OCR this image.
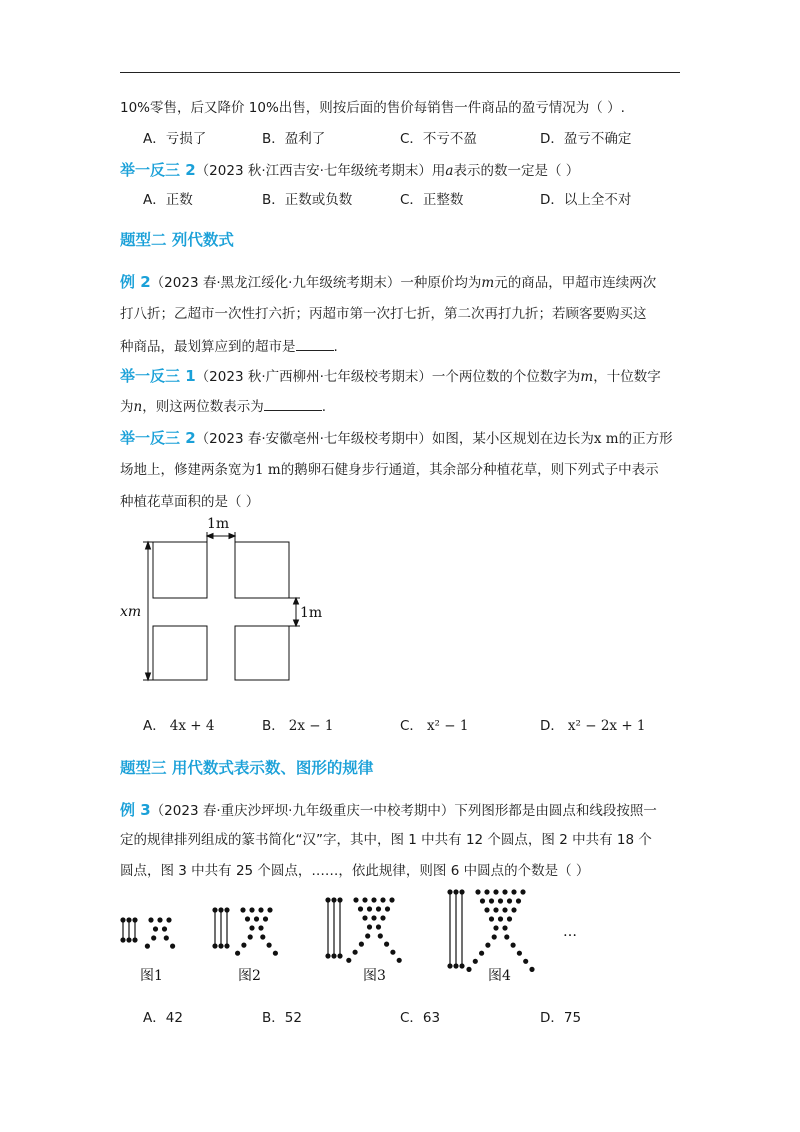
10%零售，后又降价 10%出售，则按后面的售价每销售一件商品的盈亏情况为（ ）.
A．亏损了	B．盈利了	C．不亏不盈	D．盈亏不确定
举一反三 2（2023 秋·江西吉安·七年级统考期末）用a表示的数一定是（ ）
A．正数	B．正数或负数	C．正整数	D．以上全不对
题型二 列代数式
例 2（2023 春·黑龙江绥化·九年级统考期末）一种原价均为m元的商品，甲超市连续两次
打八折；乙超市一次性打六折；丙超市第一次打七折，第二次再打九折；若顾客要购买这
种商品，最划算应到的超市是	.
举一反三 1（2023 秋·广西柳州·七年级校考期末）一个两位数的个位数字为m，十位数字
为n，则这两位数表示为	.
举一反三 2（2023 春·安徽亳州·七年级校考期中）如图，某小区规划在边长为x m的正方形
场地上，修建两条宽为1 m的鹅卵石健身步行通道，其余部分种植花草，则下列式子中表示
种植花草面积的是（ ）
1m
1m
xm
A． 4x + 4	B． 2x − 1	C． x² − 1	D． x² − 2x + 1
题型三 用代数式表示数、图形的规律
例 3（2023 春·重庆沙坪坝·九年级重庆一中校考期中）下列图形都是由圆点和线段按照一
定的规律排列组成的篆书简化“汉”字，其中，图 1 中共有 12 个圆点，图 2 中共有 18 个
圆点，图 3 中共有 25 个圆点，……，依此规律，则图 6 中圆点的个数是（ ）
图1	图2	图3	图4
…
A．42	B．52	C．63	D．75
